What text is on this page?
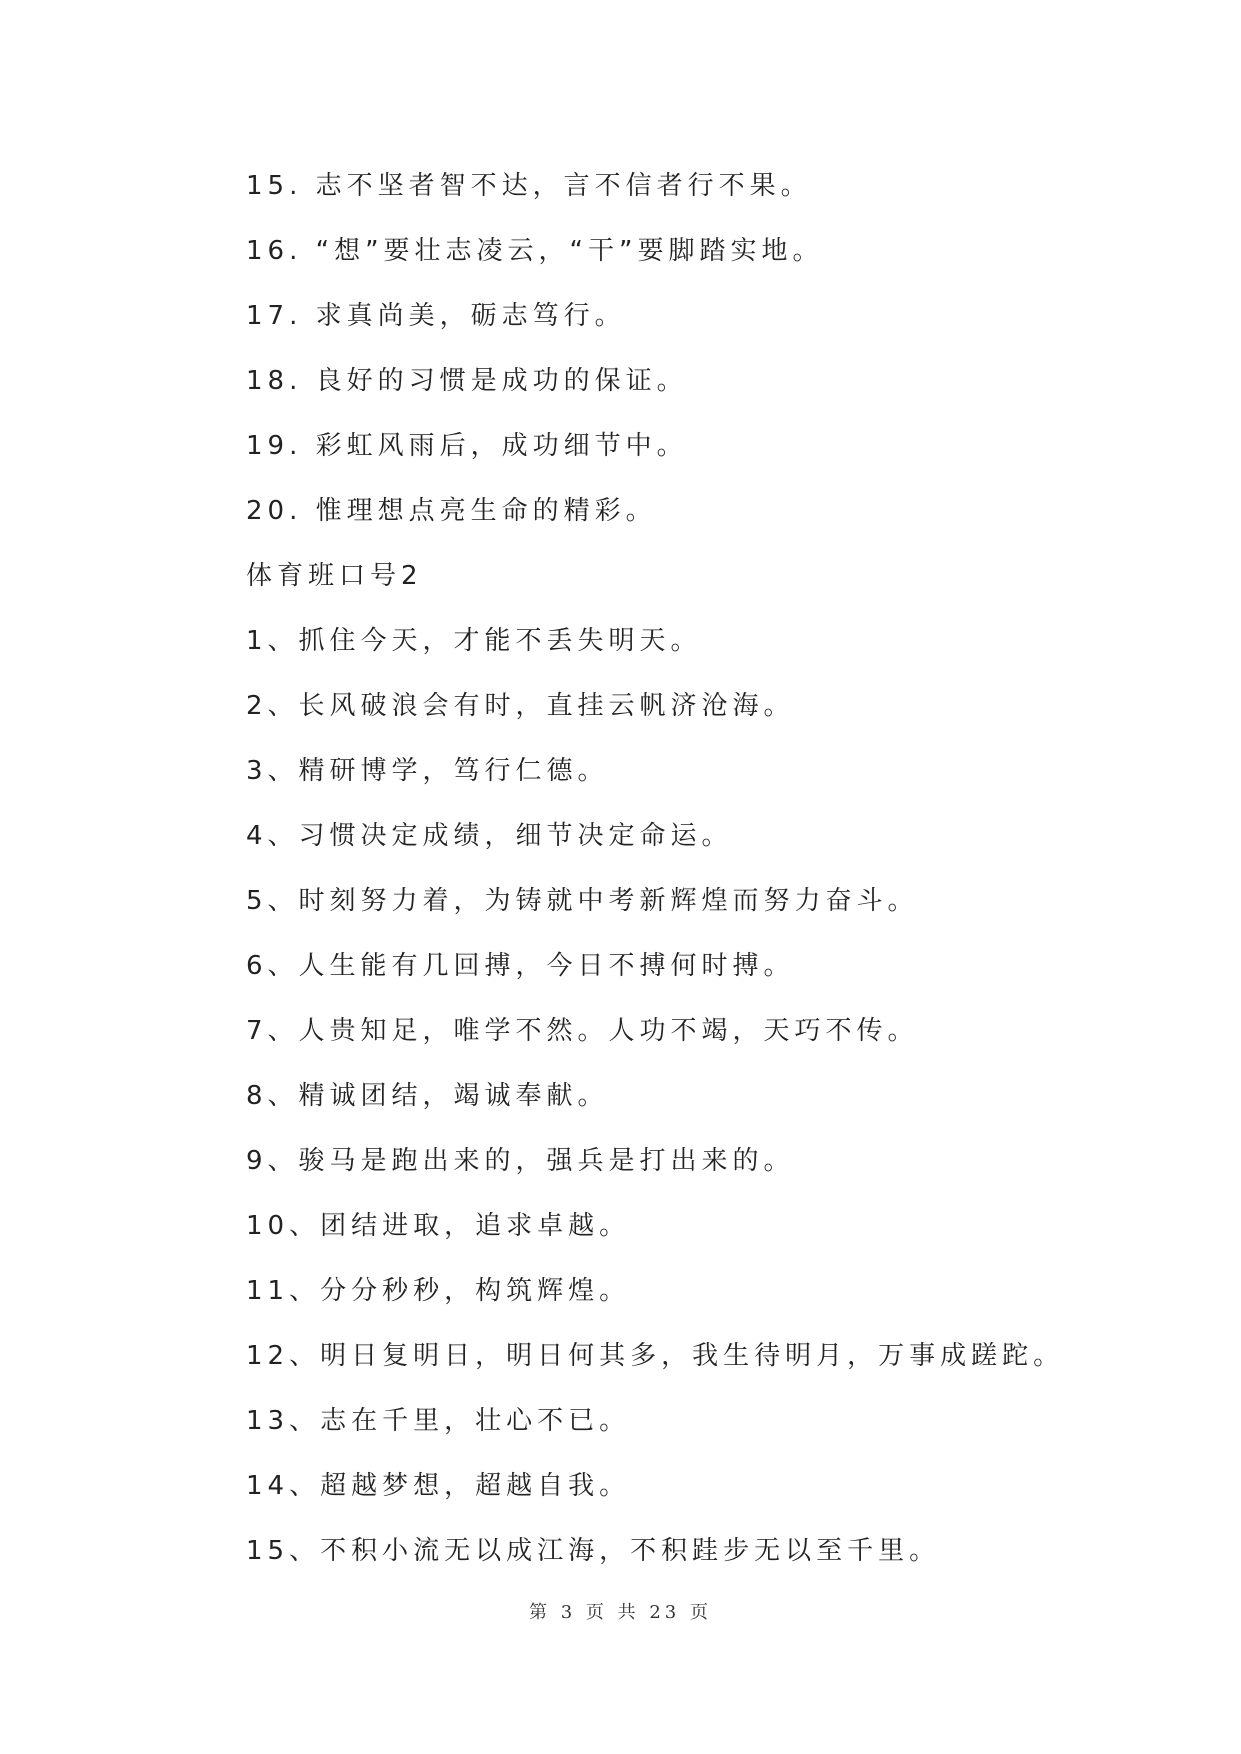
15. 志不坚者智不达，言不信者行不果。
16. “想”要壮志凌云，“干”要脚踏实地。
17. 求真尚美，砺志笃行。
18. 良好的习惯是成功的保证。
19. 彩虹风雨后，成功细节中。
20. 惟理想点亮生命的精彩。
体育班口号2
1、抓住今天，才能不丢失明天。
2、长风破浪会有时，直挂云帆济沧海。
3、精研博学，笃行仁德。
4、习惯决定成绩，细节决定命运。
5、时刻努力着，为铸就中考新辉煌而努力奋斗。
6、人生能有几回搏，今日不搏何时搏。
7、人贵知足，唯学不然。人功不竭，天巧不传。
8、精诚团结，竭诚奉献。
9、骏马是跑出来的，强兵是打出来的。
10、团结进取，追求卓越。
11、分分秒秒，构筑辉煌。
12、明日复明日，明日何其多，我生待明月，万事成蹉跎。
13、志在千里，壮心不已。
14、超越梦想，超越自我。
15、不积小流无以成江海，不积跬步无以至千里。
第 3 页 共 23 页
